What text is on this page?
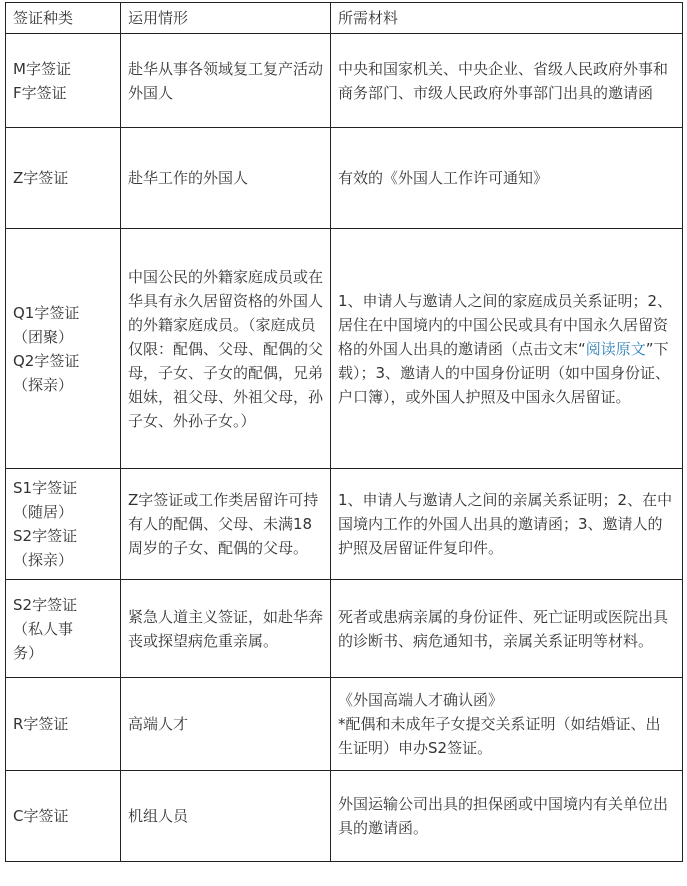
签证种类	运用情形	所需材料

M字签证
F字签证	赴华从事各领域复工复产活动外国人	中央和国家机关、中央企业、省级人民政府外事和商务部门、市级人民政府外事部门出具的邀请函

Z字签证	赴华工作的外国人	有效的《外国人工作许可通知》

Q1字签证
（团聚）
Q2字签证
（探亲）	中国公民的外籍家庭成员或在华具有永久居留资格的外国人的外籍家庭成员。（家庭成员仅限：配偶、父母、配偶的父母，子女、子女的配偶，兄弟姐妹，祖父母、外祖父母，孙子女、外孙子女。）	1、申请人与邀请人之间的家庭成员关系证明；2、居住在中国境内的中国公民或具有中国永久居留资格的外国人出具的邀请函（点击文末“阅读原文”下载）；3、邀请人的中国身份证明（如中国身份证、户口簿），或外国人护照及中国永久居留证。

S1字签证
（随居）
S2字签证
（探亲）	Z字签证或工作类居留许可持有人的配偶、父母、未满18周岁的子女、配偶的父母。	1、申请人与邀请人之间的亲属关系证明；2、在中国境内工作的外国人出具的邀请函；3、邀请人的护照及居留证件复印件。

S2字签证
（私人事
务）	紧急人道主义签证，如赴华奔丧或探望病危重亲属。	死者或患病亲属的身份证件、死亡证明或医院出具的诊断书、病危通知书，亲属关系证明等材料。

R字签证	高端人才	《外国高端人才确认函》
*配偶和未成年子女提交关系证明（如结婚证、出生证明）申办S2签证。

C字签证	机组人员	外国运输公司出具的担保函或中国境内有关单位出具的邀请函。
